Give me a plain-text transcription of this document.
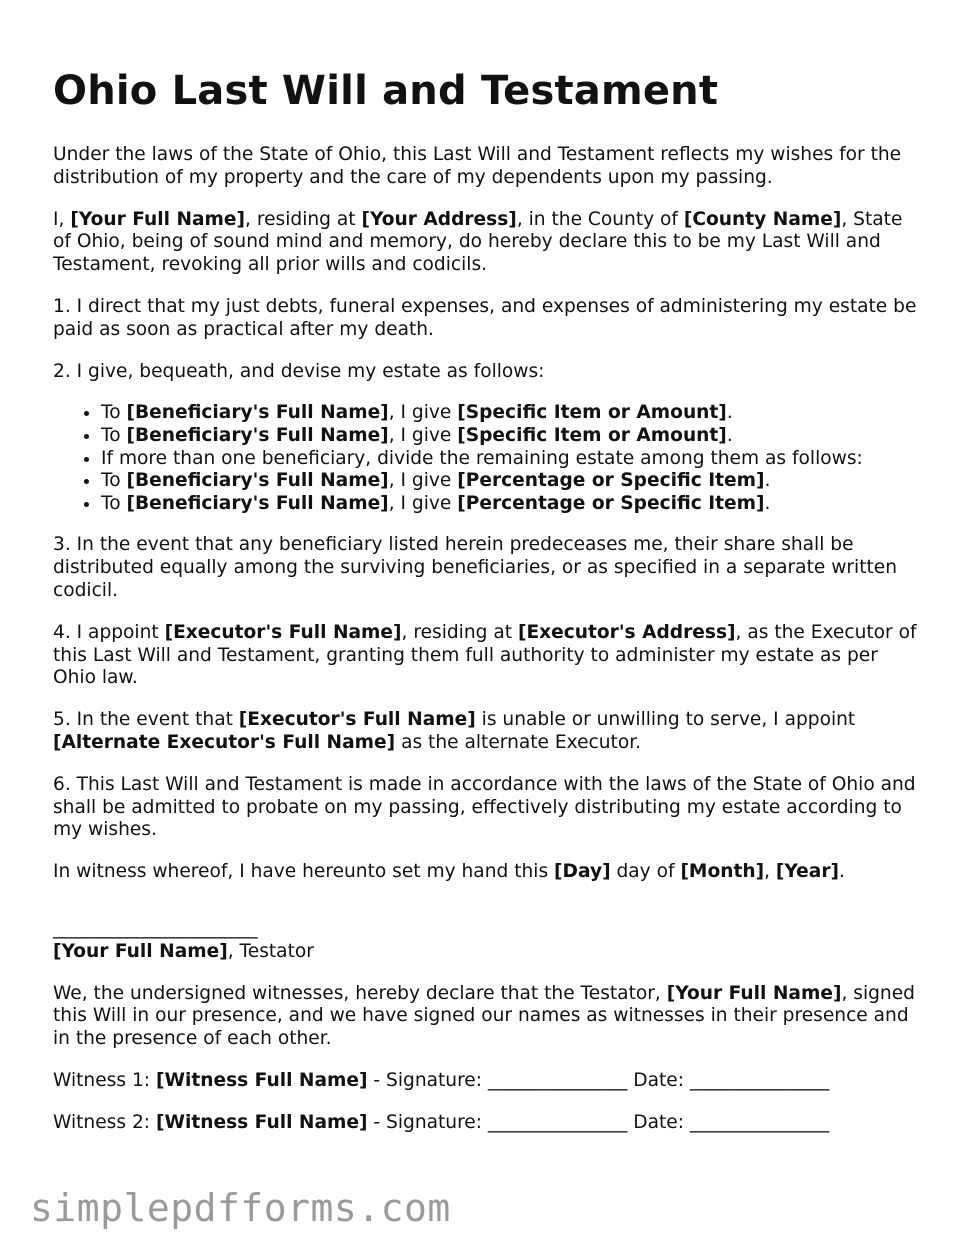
Ohio Last Will and Testament

Under the laws of the State of Ohio, this Last Will and Testament reflects my wishes for the distribution of my property and the care of my dependents upon my passing.

I, [Your Full Name], residing at [Your Address], in the County of [County Name], State of Ohio, being of sound mind and memory, do hereby declare this to be my Last Will and Testament, revoking all prior wills and codicils.

1. I direct that my just debts, funeral expenses, and expenses of administering my estate be paid as soon as practical after my death.

2. I give, bequeath, and devise my estate as follows:

• To [Beneficiary's Full Name], I give [Specific Item or Amount].
• To [Beneficiary's Full Name], I give [Specific Item or Amount].
• If more than one beneficiary, divide the remaining estate among them as follows:
• To [Beneficiary's Full Name], I give [Percentage or Specific Item].
• To [Beneficiary's Full Name], I give [Percentage or Specific Item].

3. In the event that any beneficiary listed herein predeceases me, their share shall be distributed equally among the surviving beneficiaries, or as specified in a separate written codicil.

4. I appoint [Executor's Full Name], residing at [Executor's Address], as the Executor of this Last Will and Testament, granting them full authority to administer my estate as per Ohio law.

5. In the event that [Executor's Full Name] is unable or unwilling to serve, I appoint [Alternate Executor's Full Name] as the alternate Executor.

6. This Last Will and Testament is made in accordance with the laws of the State of Ohio and shall be admitted to probate on my passing, effectively distributing my estate according to my wishes.

In witness whereof, I have hereunto set my hand this [Day] day of [Month], [Year].

______________________
[Your Full Name], Testator

We, the undersigned witnesses, hereby declare that the Testator, [Your Full Name], signed this Will in our presence, and we have signed our names as witnesses in their presence and in the presence of each other.

Witness 1: [Witness Full Name] - Signature: _______________ Date: _______________

Witness 2: [Witness Full Name] - Signature: _______________ Date: _______________

simplepdfforms.com
